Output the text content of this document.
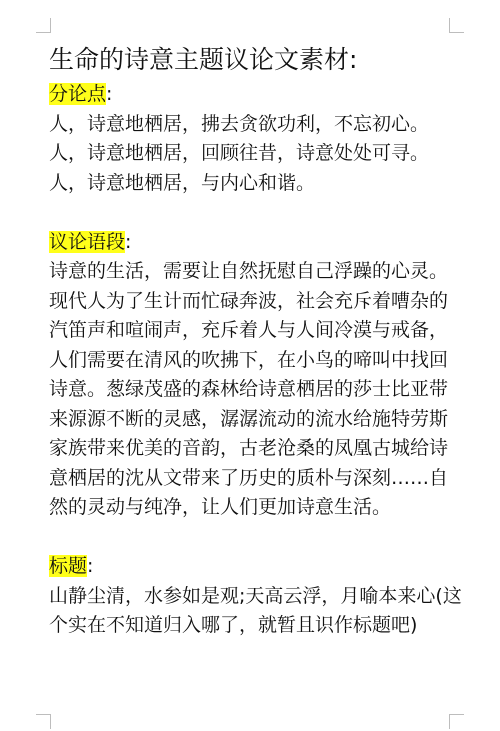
生命的诗意主题议论文素材:

分论点:

人，诗意地栖居，拂去贪欲功利，不忘初心。

人，诗意地栖居，回顾往昔，诗意处处可寻。

人，诗意地栖居，与内心和谐。

议论语段:

诗意的生活，需要让自然抚慰自己浮躁的心灵。

现代人为了生计而忙碌奔波，社会充斥着嘈杂的

汽笛声和喧闹声，充斥着人与人间冷漠与戒备，

人们需要在清风的吹拂下，在小鸟的啼叫中找回

诗意。葱绿茂盛的森林给诗意栖居的莎士比亚带

来源源不断的灵感，潺潺流动的流水给施特劳斯

家族带来优美的音韵，古老沧桑的凤凰古城给诗

意栖居的沈从文带来了历史的质朴与深刻……自

然的灵动与纯净，让人们更加诗意生活。

标题:

山静尘清，水参如是观;天高云浮，月喻本来心(这

个实在不知道归入哪了，就暂且识作标题吧)
